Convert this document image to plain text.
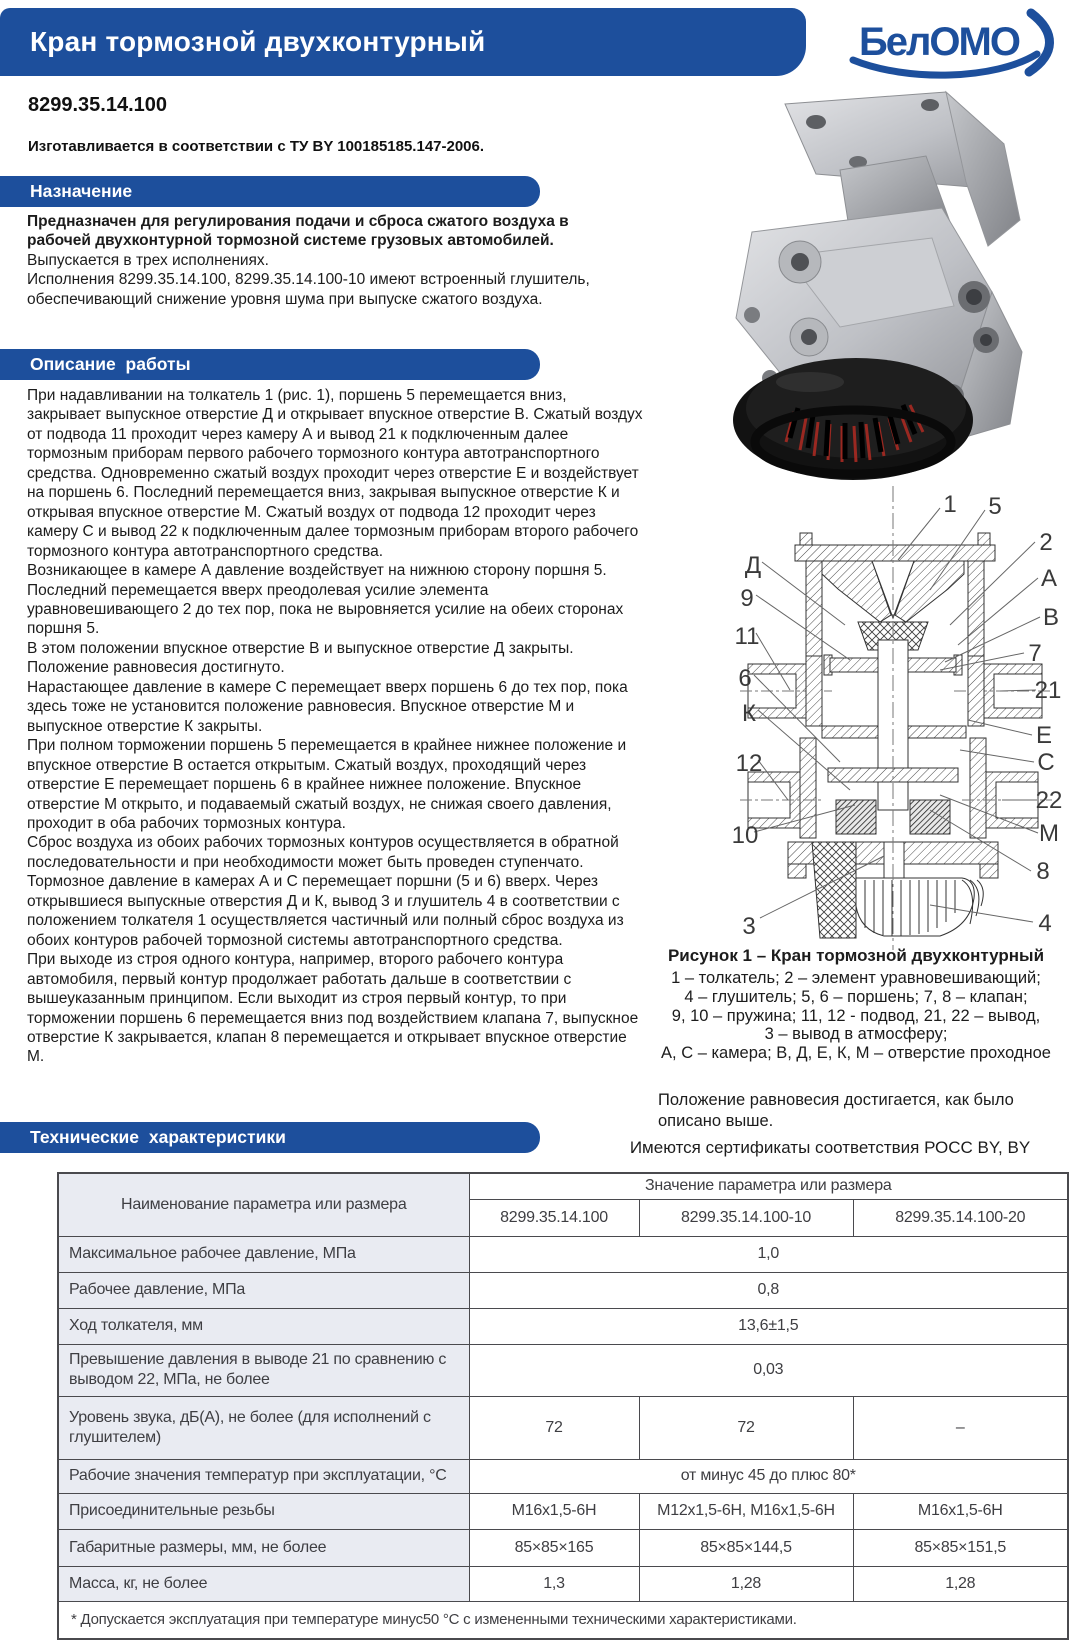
Кран тормозной двухконтурный	БелОМО
8299.35.14.100
Изготавливается в соответствии с ТУ BY 100185185.147-2006.
Назначение

Предназначен для регулирования подачи и сброса сжатого воздуха в рабочей двухконтурной тормозной системе грузовых автомобилей.

Выпускается в трех исполнениях.

Исполнения 8299.35.14.100, 8299.35.14.100-10 имеют встроенный глушитель, обеспечивающий снижение уровня шума при выпуске сжатого воздуха.

Описание работы

При надавливании на толкатель 1 (рис. 1), поршень 5 перемещается вниз, закрывает выпускное отверстие Д и открывает впускное отверстие В. Сжатый воздух от подвода 11 проходит через камеру А и вывод 21 к подключенным далее тормозным приборам первого рабочего тормозного контура автотранспортного средства. Одновременно сжатый воздух проходит через отверстие Е и воздействует на поршень 6. Последний перемещается вниз, закрывая выпускное отверстие К и открывая впускное отверстие М. Сжатый воздух от подвода 12 проходит через камеру С и вывод 22 к подключенным далее тормозным приборам второго рабочего тормозного контура автотранспортного средства.

Возникающее в камере А давление воздействует на нижнюю сторону поршня 5. Последний перемещается вверх преодолевая усилие элемента уравновешивающего 2 до тех пор, пока не выровняется усилие на обеих сторонах поршня 5.

В этом положении впускное отверстие В и выпускное отверстие Д закрыты. Положение равновесия достигнуто.

Нарастающее давление в камере С перемещает вверх поршень 6 до тех пор, пока здесь тоже не установится положение равновесия. Впускное отверстие М и выпускное отверстие К закрыты.

При полном торможении поршень 5 перемещается в крайнее нижнее положение и впускное отверстие В остается открытым. Сжатый воздух, проходящий через отверстие Е перемещает поршень 6 в крайнее нижнее положение. Впускное отверстие М открыто, и подаваемый сжатый воздух, не снижая своего давления, проходит в оба рабочих тормозных контура.

Сброс воздуха из обоих рабочих тормозных контуров осуществляется в обратной последовательности и при необходимости может быть проведен ступенчато. Тормозное давление в камерах А и С перемещает поршни (5 и 6) вверх. Через открывшиеся выпускные отверстия Д и К, вывод 3 и глушитель 4 в соответствии с положением толкателя 1 осуществляется частичный или полный сброс воздуха из обоих контуров рабочей тормозной системы автотранспортного средства.

При выходе из строя одного контура, например, второго рабочего контура автомобиля, первый контур продолжает работать дальше в соответствии с вышеуказанным принципом. Если выходит из строя первый контур, то при торможении поршень 6 перемещается вниз под воздействием клапана 7, выпускное отверстие К закрывается, клапан 8 перемещается и открывает впускное отверстие М.

Д
9
11
6
К
12
10
3
1 5
2
А
В
7
21
Е
С
22
М
8
4

Рисунок 1 – Кран тормозной двухконтурный

1 – толкатель; 2 – элемент уравновешивающий;

4 – глушитель; 5, 6 – поршень; 7, 8 – клапан;

9, 10 – пружина; 11, 12 - подвод, 21, 22 – вывод,

3 – вывод в атмосферу;

А, С – камера; В, Д, Е, К, М – отверстие проходное

Положение равновесия достигается, как было описано выше.
Имеются сертификаты соответствия РОСС BY, BY
Технические характеристики
Наименование параметра или размера	Значение параметра или размера		
	8299.35.14.100	8299.35.14.100-10	8299.35.14.100-20
Максимальное рабочее давление, МПа	1,0		
Рабочее давление, МПа	0,8		
Ход толкателя, мм	13,6±1,5		
Превышение давления в выводе 21 по сравнению с выводом 22, МПа, не более	0,03		
Уровень звука, дБ(А), не более (для исполнений с глушителем)	72	72	–
Рабочие значения температур при эксплуатации, °С	от минус 45 до плюс 80*		
Присоединительные резьбы	М16х1,5-6Н	М12х1,5-6Н, М16х1,5-6Н	М16х1,5-6Н
Габаритные размеры, мм, не более	85×85×165	85×85×144,5	85×85×151,5
Масса, кг, не более	1,3	1,28	1,28
* Допускается эксплуатация при температуре минус50 °С с измененными техническими характеристиками.			
